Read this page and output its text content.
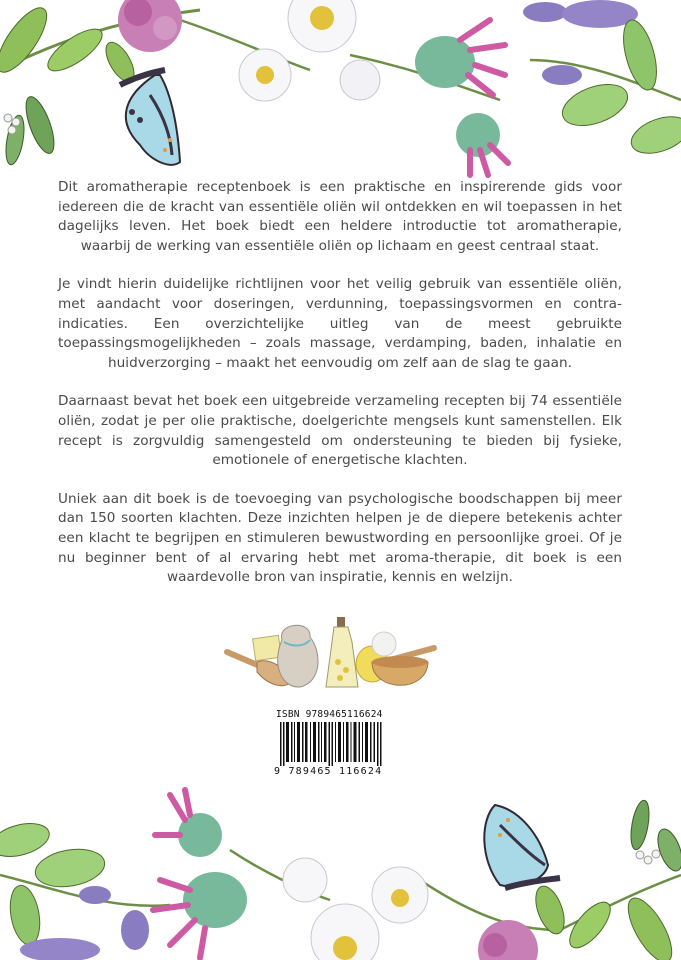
Dit aromatherapie receptenboek is een praktische en inspirerende gids voor iedereen die de kracht van essentiële oliën wil ontdekken en wil toepassen in het dagelijks leven. Het boek biedt een heldere introductie tot aromatherapie, waarbij de werking van essentiële oliën op lichaam en geest centraal staat.

Je vindt hierin duidelijke richtlijnen voor het veilig gebruik van essentiële oliën, met aandacht voor doseringen, verdunning, toepassingsvormen en contra-indicaties. Een overzichtelijke uitleg van de meest gebruikte toepassingsmogelijkheden – zoals massage, verdamping, baden, inhalatie en huidverzorging – maakt het eenvoudig om zelf aan de slag te gaan.

Daarnaast bevat het boek een uitgebreide verzameling recepten bij 74 essentiële oliën, zodat je per olie praktische, doelgerichte mengsels kunt samenstellen. Elk recept is zorgvuldig samengesteld om ondersteuning te bieden bij fysieke, emotionele of energetische klachten.

Uniek aan dit boek is de toevoeging van psychologische boodschappen bij meer dan 150 soorten klachten. Deze inzichten helpen je de diepere betekenis achter een klacht te begrijpen en stimuleren bewustwording en persoonlijke groei. Of je nu beginner bent of al ervaring hebt met aroma-therapie, dit boek is een waardevolle bron van inspiratie, kennis en welzijn.

ISBN 9789465116624
9 789465 116624
